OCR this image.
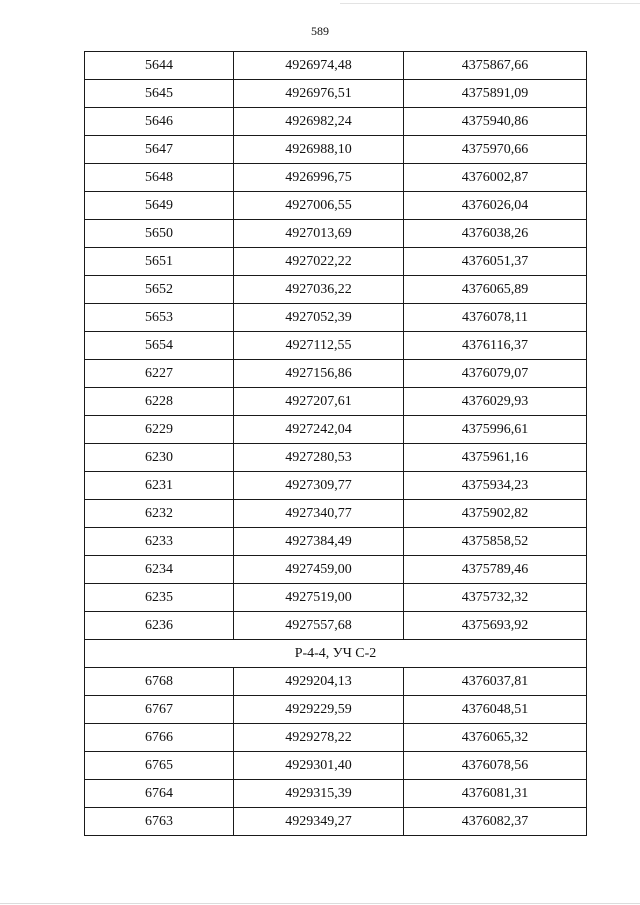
589
5644	4926974,48	4375867,66
5645	4926976,51	4375891,09
5646	4926982,24	4375940,86
5647	4926988,10	4375970,66
5648	4926996,75	4376002,87
5649	4927006,55	4376026,04
5650	4927013,69	4376038,26
5651	4927022,22	4376051,37
5652	4927036,22	4376065,89
5653	4927052,39	4376078,11
5654	4927112,55	4376116,37
6227	4927156,86	4376079,07
6228	4927207,61	4376029,93
6229	4927242,04	4375996,61
6230	4927280,53	4375961,16
6231	4927309,77	4375934,23
6232	4927340,77	4375902,82
6233	4927384,49	4375858,52
6234	4927459,00	4375789,46
6235	4927519,00	4375732,32
6236	4927557,68	4375693,92
Р-4-4, УЧ С-2		
6768	4929204,13	4376037,81
6767	4929229,59	4376048,51
6766	4929278,22	4376065,32
6765	4929301,40	4376078,56
6764	4929315,39	4376081,31
6763	4929349,27	4376082,37
